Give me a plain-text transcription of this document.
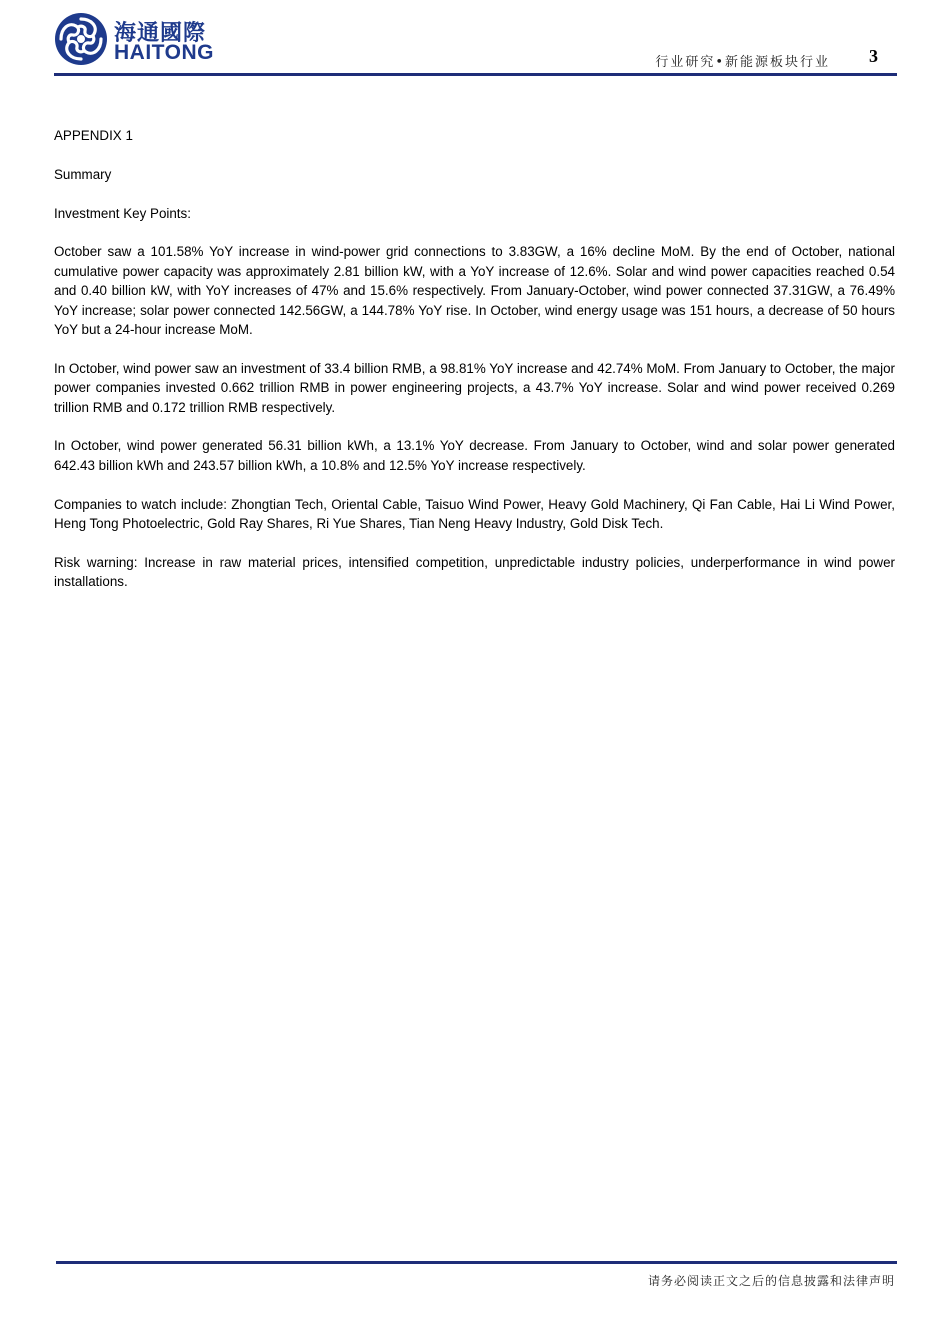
海通國際
HAITONG	行业研究•新能源板块行业 3

APPENDIX 1

Summary

Investment Key Points:

October saw a 101.58% YoY increase in wind-power grid connections to 3.83GW, a 16% decline MoM. By the end of October, national cumulative power capacity was approximately 2.81 billion kW, with a YoY increase of 12.6%. Solar and wind power capacities reached 0.54 and 0.40 billion kW, with YoY increases of 47% and 15.6% respectively. From January-October, wind power connected 37.31GW, a 76.49% YoY increase; solar power connected 142.56GW, a 144.78% YoY rise. In October, wind energy usage was 151 hours, a decrease of 50 hours YoY but a 24-hour increase MoM.

In October, wind power saw an investment of 33.4 billion RMB, a 98.81% YoY increase and 42.74% MoM. From January to October, the major power companies invested 0.662 trillion RMB in power engineering projects, a 43.7% YoY increase. Solar and wind power received 0.269 trillion RMB and 0.172 trillion RMB respectively.

In October, wind power generated 56.31 billion kWh, a 13.1% YoY decrease. From January to October, wind and solar power generated 642.43 billion kWh and 243.57 billion kWh, a 10.8% and 12.5% YoY increase respectively.

Companies to watch include: Zhongtian Tech, Oriental Cable, Taisuo Wind Power, Heavy Gold Machinery, Qi Fan Cable, Hai Li Wind Power, Heng Tong Photoelectric, Gold Ray Shares, Ri Yue Shares, Tian Neng Heavy Industry, Gold Disk Tech.

Risk warning: Increase in raw material prices, intensified competition, unpredictable industry policies, underperformance in wind power installations.

请务必阅读正文之后的信息披露和法律声明
